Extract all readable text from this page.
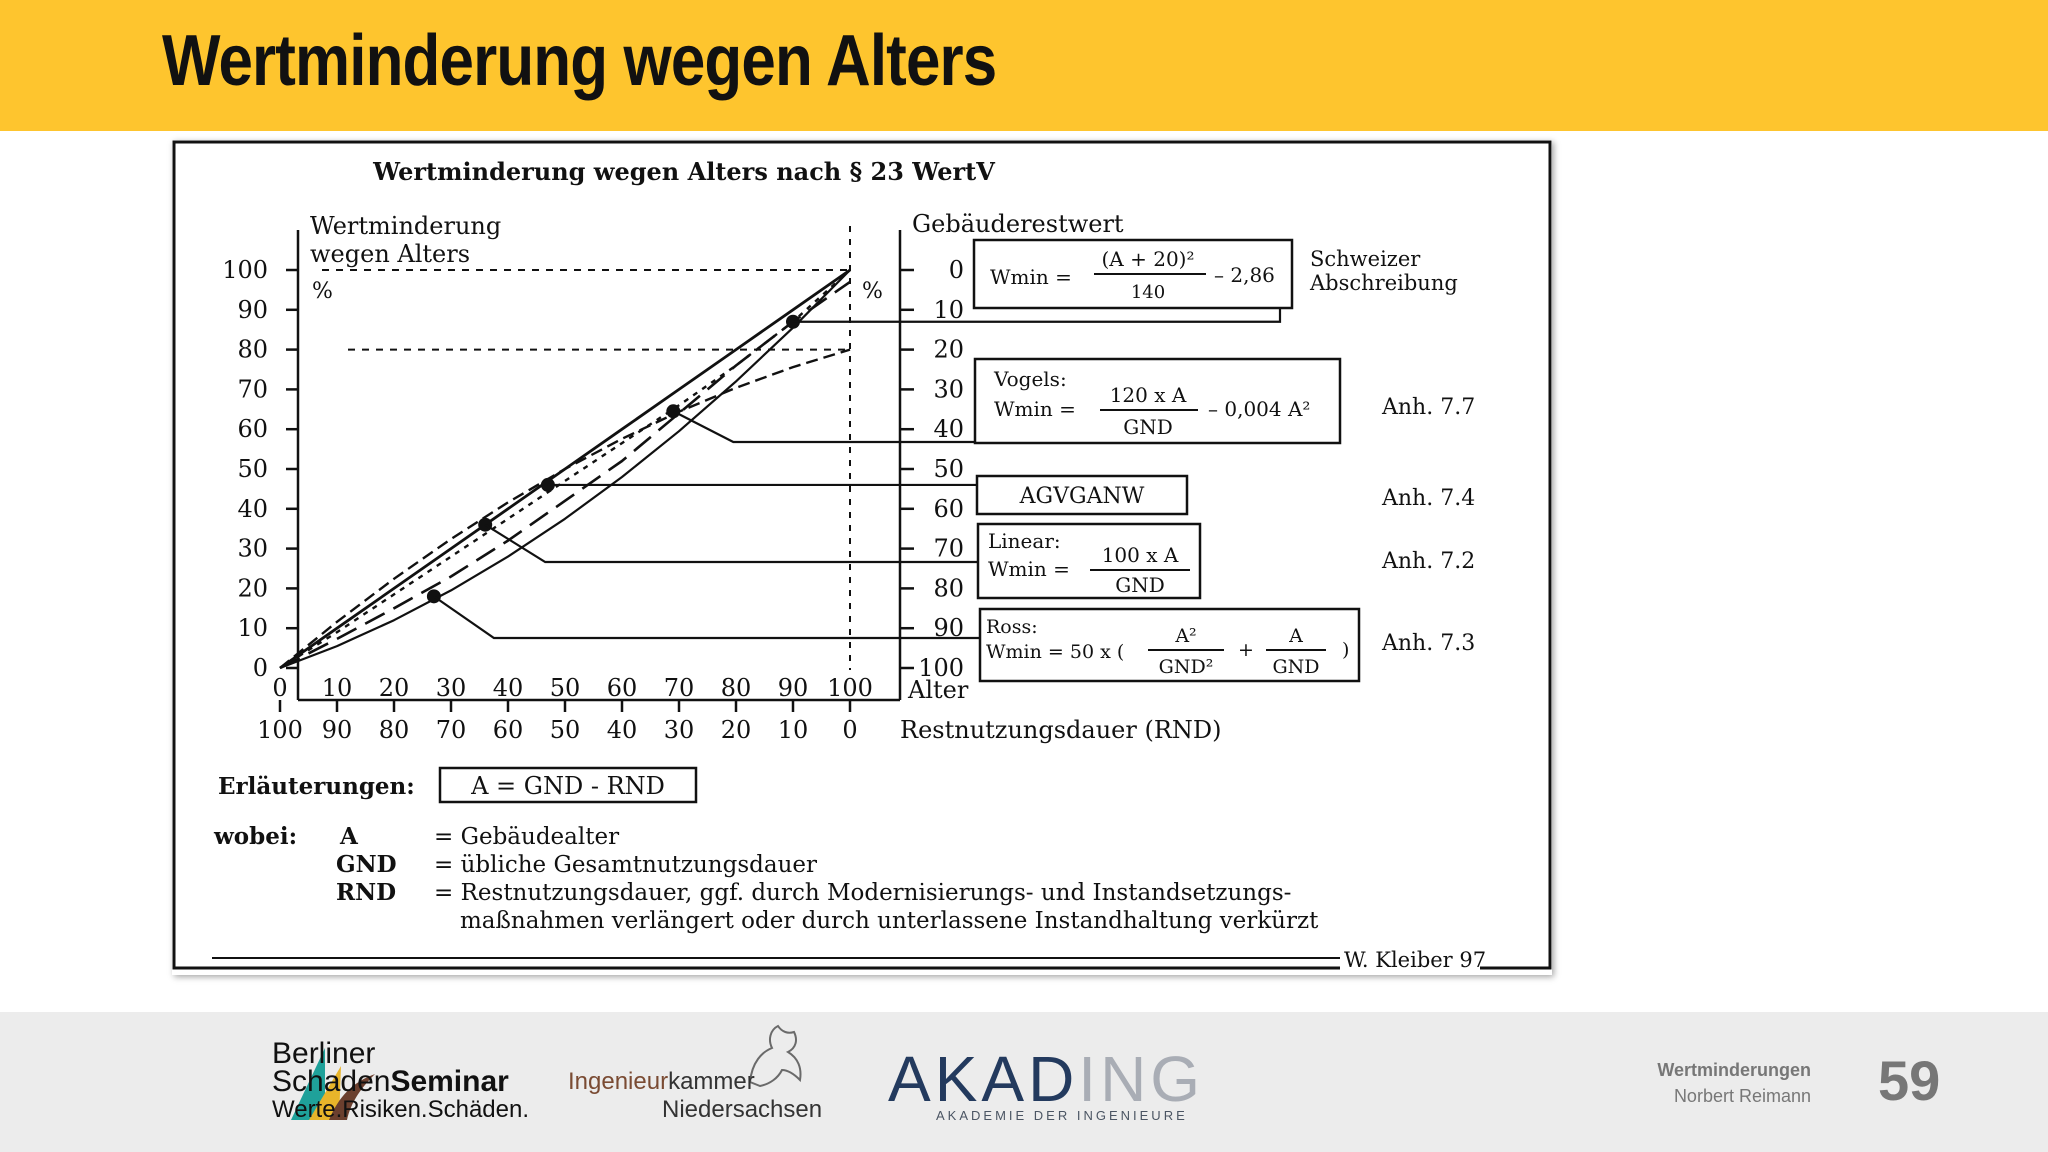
Wertminderung wegen Alters
Wertminderung wegen Alters nach § 23 WertV
Wertminderung
wegen Alters
%
Gebäuderestwert
%
100
90
80
70
60
50
40
30
20
10
0
0
10
20
30
40
50
60
70
80
90
100
0 10 20 30 40 50 60 70 80 90 100
100 90 80 70 60 50 40 30 20 10 0
Alter
Restnutzungsdauer (RND)
Wmin =
(A + 20)²
140
– 2,86
Schweizer
Abschreibung
Vogels:
Wmin =
120 x A
GND
– 0,004 A²	Anh. 7.7
AGVGANW	Anh. 7.4
Linear:
Wmin =
100 x A
GND
Anh. 7.2
Ross:
Wmin = 50 x (
A²
GND²
+
A
GND
) Anh. 7.3
Erläuterungen: A = GND - RND
wobei: A	= Gebäudealter
GND = übliche Gesamtnutzungsdauer
RND = Restnutzungsdauer, ggf. durch Modernisierungs- und Instandsetzungs-
maßnahmen verlängert oder durch unterlassene Instandhaltung verkürzt
W. Kleiber 97
Berliner
SchadenSeminar
Werte.Risiken.Schäden.
Ingenieurkammer
Niedersachsen AKADING
AKADEMIE DER INGENIEURE
Wertminderungen
Norbert Reimann 59
